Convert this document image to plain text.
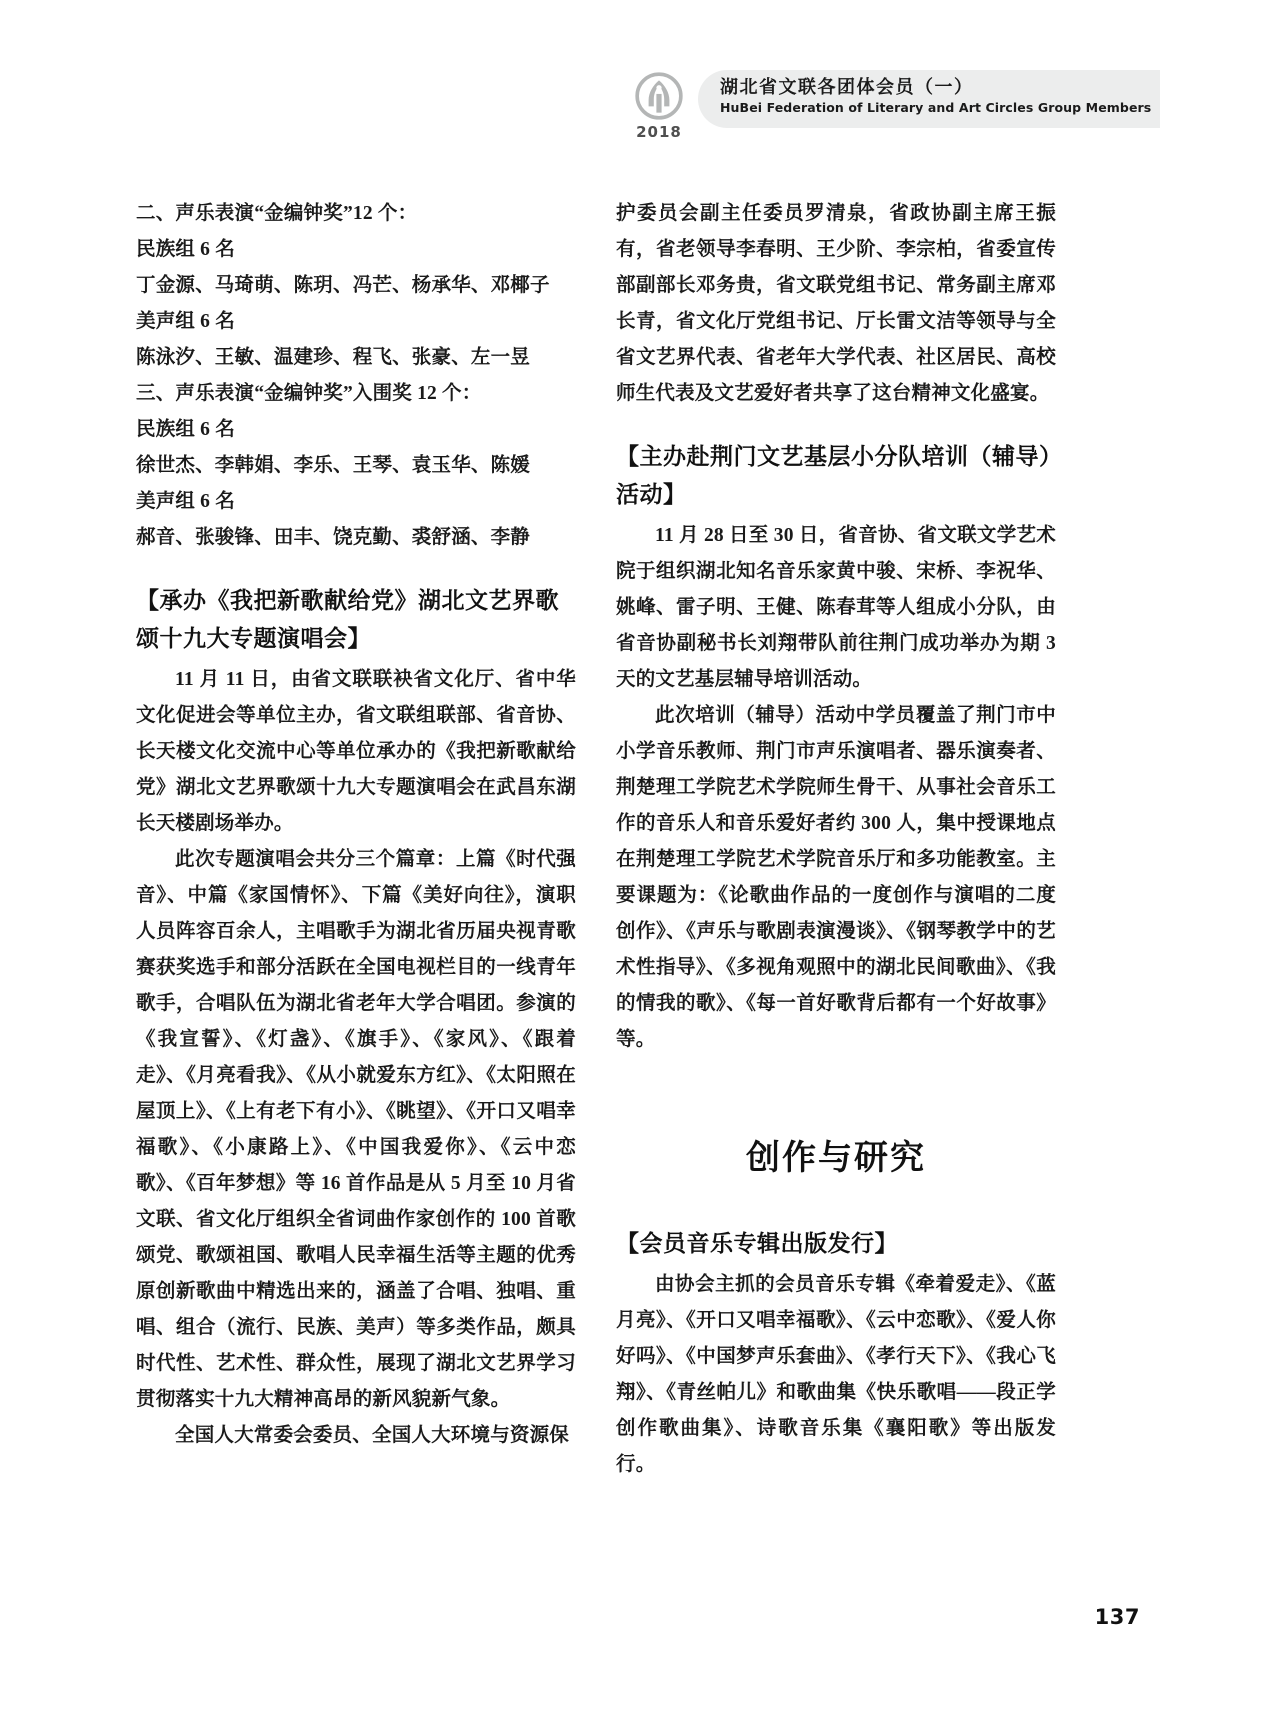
2018
湖北省文联各团体会员（一）
HuBei Federation of Literary and Art Circles Group Members

二、声乐表演“金编钟奖”12 个：

民族组 6 名

丁金源、马琦萌、陈玥、冯芒、杨承华、邓椰子

美声组 6 名

陈泳汐、王敏、温建珍、程飞、张豪、左一昱

三、声乐表演“金编钟奖”入围奖 12 个：

民族组 6 名

徐世杰、李韩娟、李乐、王琴、袁玉华、陈媛

美声组 6 名

郝音、张骏锋、田丰、饶克勤、裘舒涵、李静

【承办《我把新歌献给党》湖北文艺界歌颂十九大专题演唱会】

11 月 11 日，由省文联联袂省文化厅、省中华文化促进会等单位主办，省文联组联部、省音协、长天楼文化交流中心等单位承办的《我把新歌献给党》湖北文艺界歌颂十九大专题演唱会在武昌东湖长天楼剧场举办。

此次专题演唱会共分三个篇章：上篇《时代强音》、中篇《家国情怀》、下篇《美好向往》，演职人员阵容百余人，主唱歌手为湖北省历届央视青歌赛获奖选手和部分活跃在全国电视栏目的一线青年歌手，合唱队伍为湖北省老年大学合唱团。参演的《我宣誓》、《灯盏》、《旗手》、《家风》、《跟着走》、《月亮看我》、《从小就爱东方红》、《太阳照在屋顶上》、《上有老下有小》、《眺望》、《开口又唱幸福歌》、《小康路上》、《中国我爱你》、《云中恋歌》、《百年梦想》等 16 首作品是从 5 月至 10 月省文联、省文化厅组织全省词曲作家创作的 100 首歌颂党、歌颂祖国、歌唱人民幸福生活等主题的优秀原创新歌曲中精选出来的，涵盖了合唱、独唱、重唱、组合（流行、民族、美声）等多类作品，颇具时代性、艺术性、群众性，展现了湖北文艺界学习贯彻落实十九大精神高昂的新风貌新气象。

全国人大常委会委员、全国人大环境与资源保

护委员会副主任委员罗清泉，省政协副主席王振有，省老领导李春明、王少阶、李宗柏，省委宣传部副部长邓务贵，省文联党组书记、常务副主席邓长青，省文化厅党组书记、厅长雷文洁等领导与全省文艺界代表、省老年大学代表、社区居民、高校师生代表及文艺爱好者共享了这台精神文化盛宴。

【主办赴荆门文艺基层小分队培训（辅导）活动】

11 月 28 日至 30 日，省音协、省文联文学艺术院于组织湖北知名音乐家黄中骏、宋桥、李祝华、姚峰、雷子明、王健、陈春茸等人组成小分队，由省音协副秘书长刘翔带队前往荆门成功举办为期 3 天的文艺基层辅导培训活动。

此次培训（辅导）活动中学员覆盖了荆门市中小学音乐教师、荆门市声乐演唱者、器乐演奏者、荆楚理工学院艺术学院师生骨干、从事社会音乐工作的音乐人和音乐爱好者约 300 人，集中授课地点在荆楚理工学院艺术学院音乐厅和多功能教室。主要课题为：《论歌曲作品的一度创作与演唱的二度创作》、《声乐与歌剧表演漫谈》、《钢琴教学中的艺术性指导》、《多视角观照中的湖北民间歌曲》、《我的情我的歌》、《每一首好歌背后都有一个好故事》等。

创作与研究
【会员音乐专辑出版发行】

由协会主抓的会员音乐专辑《牵着爱走》、《蓝月亮》、《开口又唱幸福歌》、《云中恋歌》、《爱人你好吗》、《中国梦声乐套曲》、《孝行天下》、《我心飞翔》、《青丝帕儿》和歌曲集《快乐歌唱——段正学创作歌曲集》、诗歌音乐集《襄阳歌》等出版发行。

137
